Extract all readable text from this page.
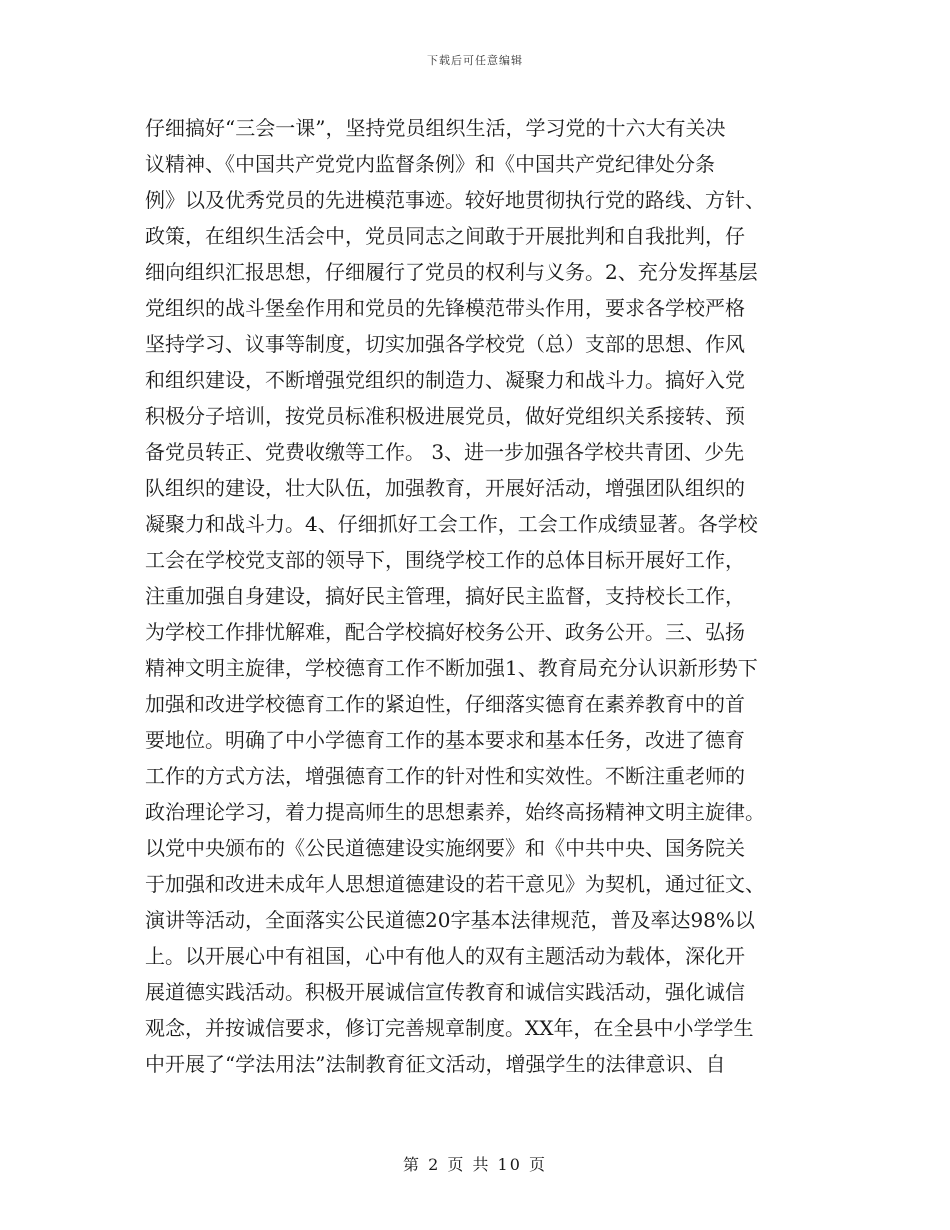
下载后可任意编辑
仔细搞好“三会一课”，坚持党员组织生活，学习党的十六大有关决
议精神、《中国共产党党内监督条例》和《中国共产党纪律处分条
例》以及优秀党员的先进模范事迹。较好地贯彻执行党的路线、方针、
政策，在组织生活会中，党员同志之间敢于开展批判和自我批判，仔
细向组织汇报思想，仔细履行了党员的权利与义务。2、充分发挥基层
党组织的战斗堡垒作用和党员的先锋模范带头作用，要求各学校严格
坚持学习、议事等制度，切实加强各学校党（总）支部的思想、作风
和组织建设，不断增强党组织的制造力、凝聚力和战斗力。搞好入党
积极分子培训，按党员标准积极进展党员，做好党组织关系接转、预
备党员转正、党费收缴等工作。 3、进一步加强各学校共青团、少先
队组织的建设，壮大队伍，加强教育，开展好活动，增强团队组织的
凝聚力和战斗力。4、仔细抓好工会工作，工会工作成绩显著。各学校
工会在学校党支部的领导下，围绕学校工作的总体目标开展好工作，
注重加强自身建设，搞好民主管理，搞好民主监督，支持校长工作，
为学校工作排忧解难，配合学校搞好校务公开、政务公开。三、弘扬
精神文明主旋律，学校德育工作不断加强1、教育局充分认识新形势下
加强和改进学校德育工作的紧迫性，仔细落实德育在素养教育中的首
要地位。明确了中小学德育工作的基本要求和基本任务，改进了德育
工作的方式方法，增强德育工作的针对性和实效性。不断注重老师的
政治理论学习，着力提高师生的思想素养，始终高扬精神文明主旋律。
以党中央颁布的《公民道德建设实施纲要》和《中共中央、国务院关
于加强和改进未成年人思想道德建设的若干意见》为契机，通过征文、
演讲等活动，全面落实公民道德20字基本法律规范，普及率达98%以
上。以开展心中有祖国，心中有他人的双有主题活动为载体，深化开
展道德实践活动。积极开展诚信宣传教育和诚信实践活动，强化诚信
观念，并按诚信要求，修订完善规章制度。XX年，在全县中小学学生
中开展了“学法用法”法制教育征文活动，增强学生的法律意识、自
第 2 页 共 10 页
